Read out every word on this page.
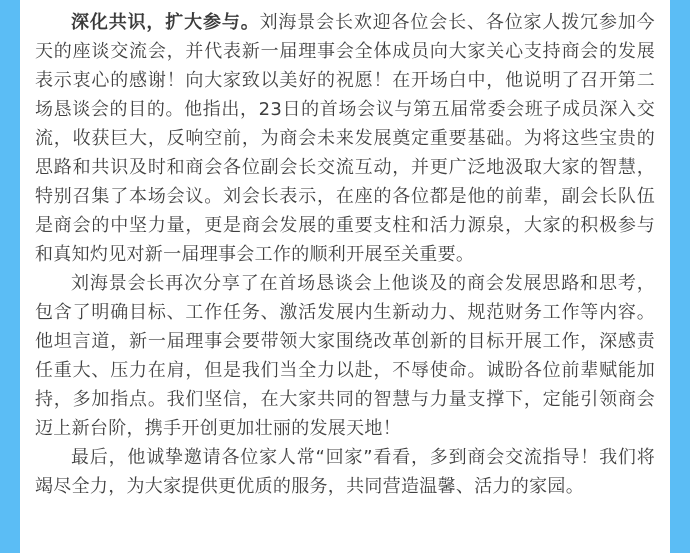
深化共识，扩大参与。刘海景会长欢迎各位会长、各位家人拨冗参加今天的座谈交流会，并代表新一届理事会全体成员向大家关心支持商会的发展表示衷心的感谢！向大家致以美好的祝愿！在开场白中，他说明了召开第二场恳谈会的目的。他指出，23日的首场会议与第五届常委会班子成员深入交流，收获巨大，反响空前，为商会未来发展奠定重要基础。为将这些宝贵的思路和共识及时和商会各位副会长交流互动，并更广泛地汲取大家的智慧，特别召集了本场会议。刘会长表示，在座的各位都是他的前辈，副会长队伍是商会的中坚力量，更是商会发展的重要支柱和活力源泉，大家的积极参与和真知灼见对新一届理事会工作的顺利开展至关重要。

刘海景会长再次分享了在首场恳谈会上他谈及的商会发展思路和思考，包含了明确目标、工作任务、激活发展内生新动力、规范财务工作等内容。他坦言道，新一届理事会要带领大家围绕改革创新的目标开展工作，深感责任重大、压力在肩，但是我们当全力以赴，不辱使命。诚盼各位前辈赋能加持，多加指点。我们坚信，在大家共同的智慧与力量支撑下，定能引领商会迈上新台阶，携手开创更加壮丽的发展天地！

最后，他诚挚邀请各位家人常“回家”看看，多到商会交流指导！我们将竭尽全力，为大家提供更优质的服务，共同营造温馨、活力的家园。
